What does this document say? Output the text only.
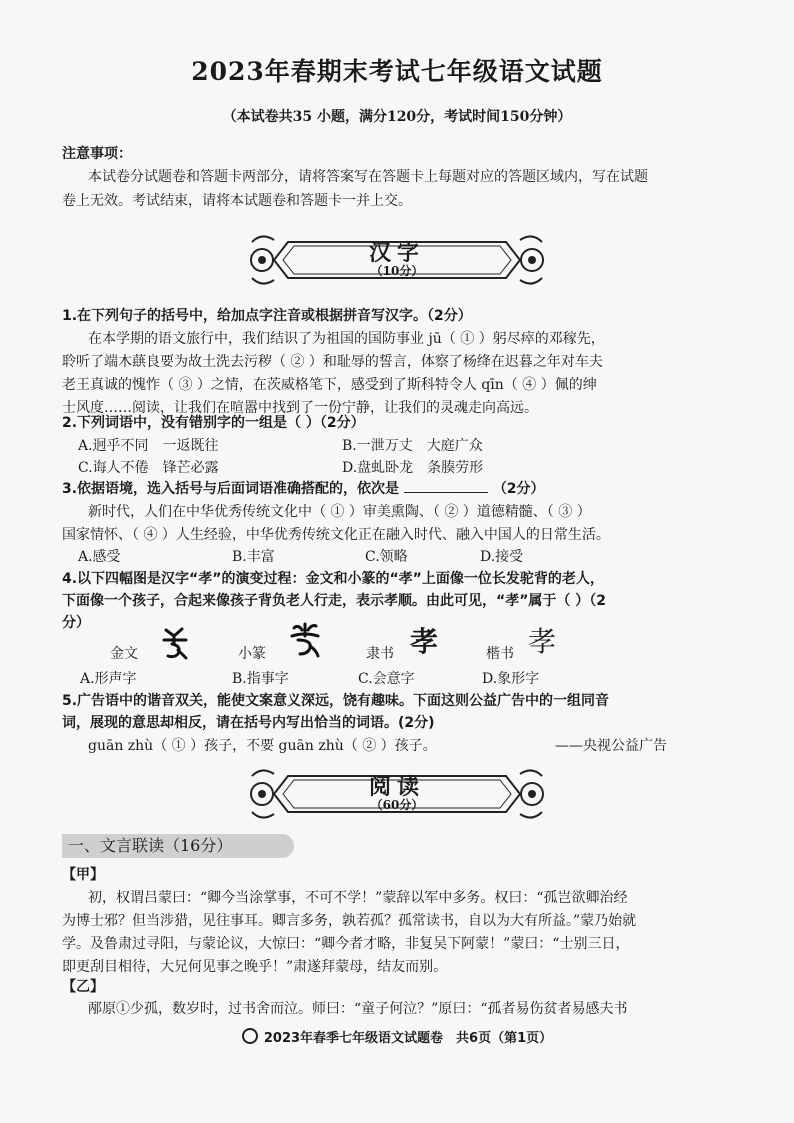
2023年春期末考试七年级语文试题
（本试卷共35 小题，满分120分，考试时间150分钟）
注意事项：
本试卷分试题卷和答题卡两部分，请将答案写在答题卡上每题对应的答题区域内，写在试题
卷上无效。考试结束，请将本试题卷和答题卡一并上交。
汉字
（10分）
1.在下列句子的括号中，给加点字注音或根据拼音写汉字。（2分）
在本学期的语文旅行中，我们结识了为祖国的国防事业 jū（ ① ）躬尽瘁的邓稼先，
聆听了端木蕻良要为故土洗去污秽（ ② ）和耻辱的誓言，体察了杨绛在迟暮之年对车夫
老王真诚的愧怍（ ③ ）之情，在茨威格笔下，感受到了斯科特令人 qīn（ ④ ）佩的绅
士风度……阅读，让我们在喧嚣中找到了一份宁静，让我们的灵魂走向高远。
2.下列词语中，没有错别字的一组是（ ）（2分）
A.迥乎不同　一返既往	B.一泄万丈　大庭广众
C.诲人不倦　锋芒必露	D.盘虬卧龙　条腠劳形
3.依据语境，选入括号与后面词语准确搭配的，依次是	（2分）
新时代，人们在中华优秀传统文化中（ ① ）审美熏陶、（ ② ）道德精髓、（ ③ ）
国家情怀、（ ④ ）人生经验，中华优秀传统文化正在融入时代、融入中国人的日常生活。
A.感受	B.丰富	C.领略	D.接受
4.以下四幅图是汉字“孝”的演变过程：金文和小篆的“孝”上面像一位长发驼背的老人，
下面像一个孩子，合起来像孩子背负老人行走，表示孝顺。由此可见，“孝”属于（ ）（2
分）
金文	小篆	隶书 孝	楷书 孝
A.形声字	B.指事字	C.会意字	D.象形字
5.广告语中的谐音双关，能使文案意义深远，饶有趣味。下面这则公益广告中的一组同音
词，展现的意思却相反，请在括号内写出恰当的词语。(2分)
guān zhù（ ① ）孩子，不要 guān zhù（ ② ）孩子。	——央视公益广告
阅读
（60分）
一、文言联读（16分）
【甲】
初，权谓吕蒙曰：“卿今当涂掌事，不可不学！”蒙辞以军中多务。权曰：“孤岂欲卿治经
为博士邪？但当涉猎，见往事耳。卿言多务，孰若孤？孤常读书，自以为大有所益。”蒙乃始就
学。及鲁肃过寻阳，与蒙论议，大惊曰：“卿今者才略，非复吴下阿蒙！”蒙曰：“士别三日，
即更刮目相待，大兄何见事之晚乎！”肃遂拜蒙母，结友而别。
【乙】
邴原①少孤，数岁时，过书舍而泣。师曰：“童子何泣？”原曰：“孤者易伤贫者易感夫书
2023年春季七年级语文试题卷　共6页（第1页）
